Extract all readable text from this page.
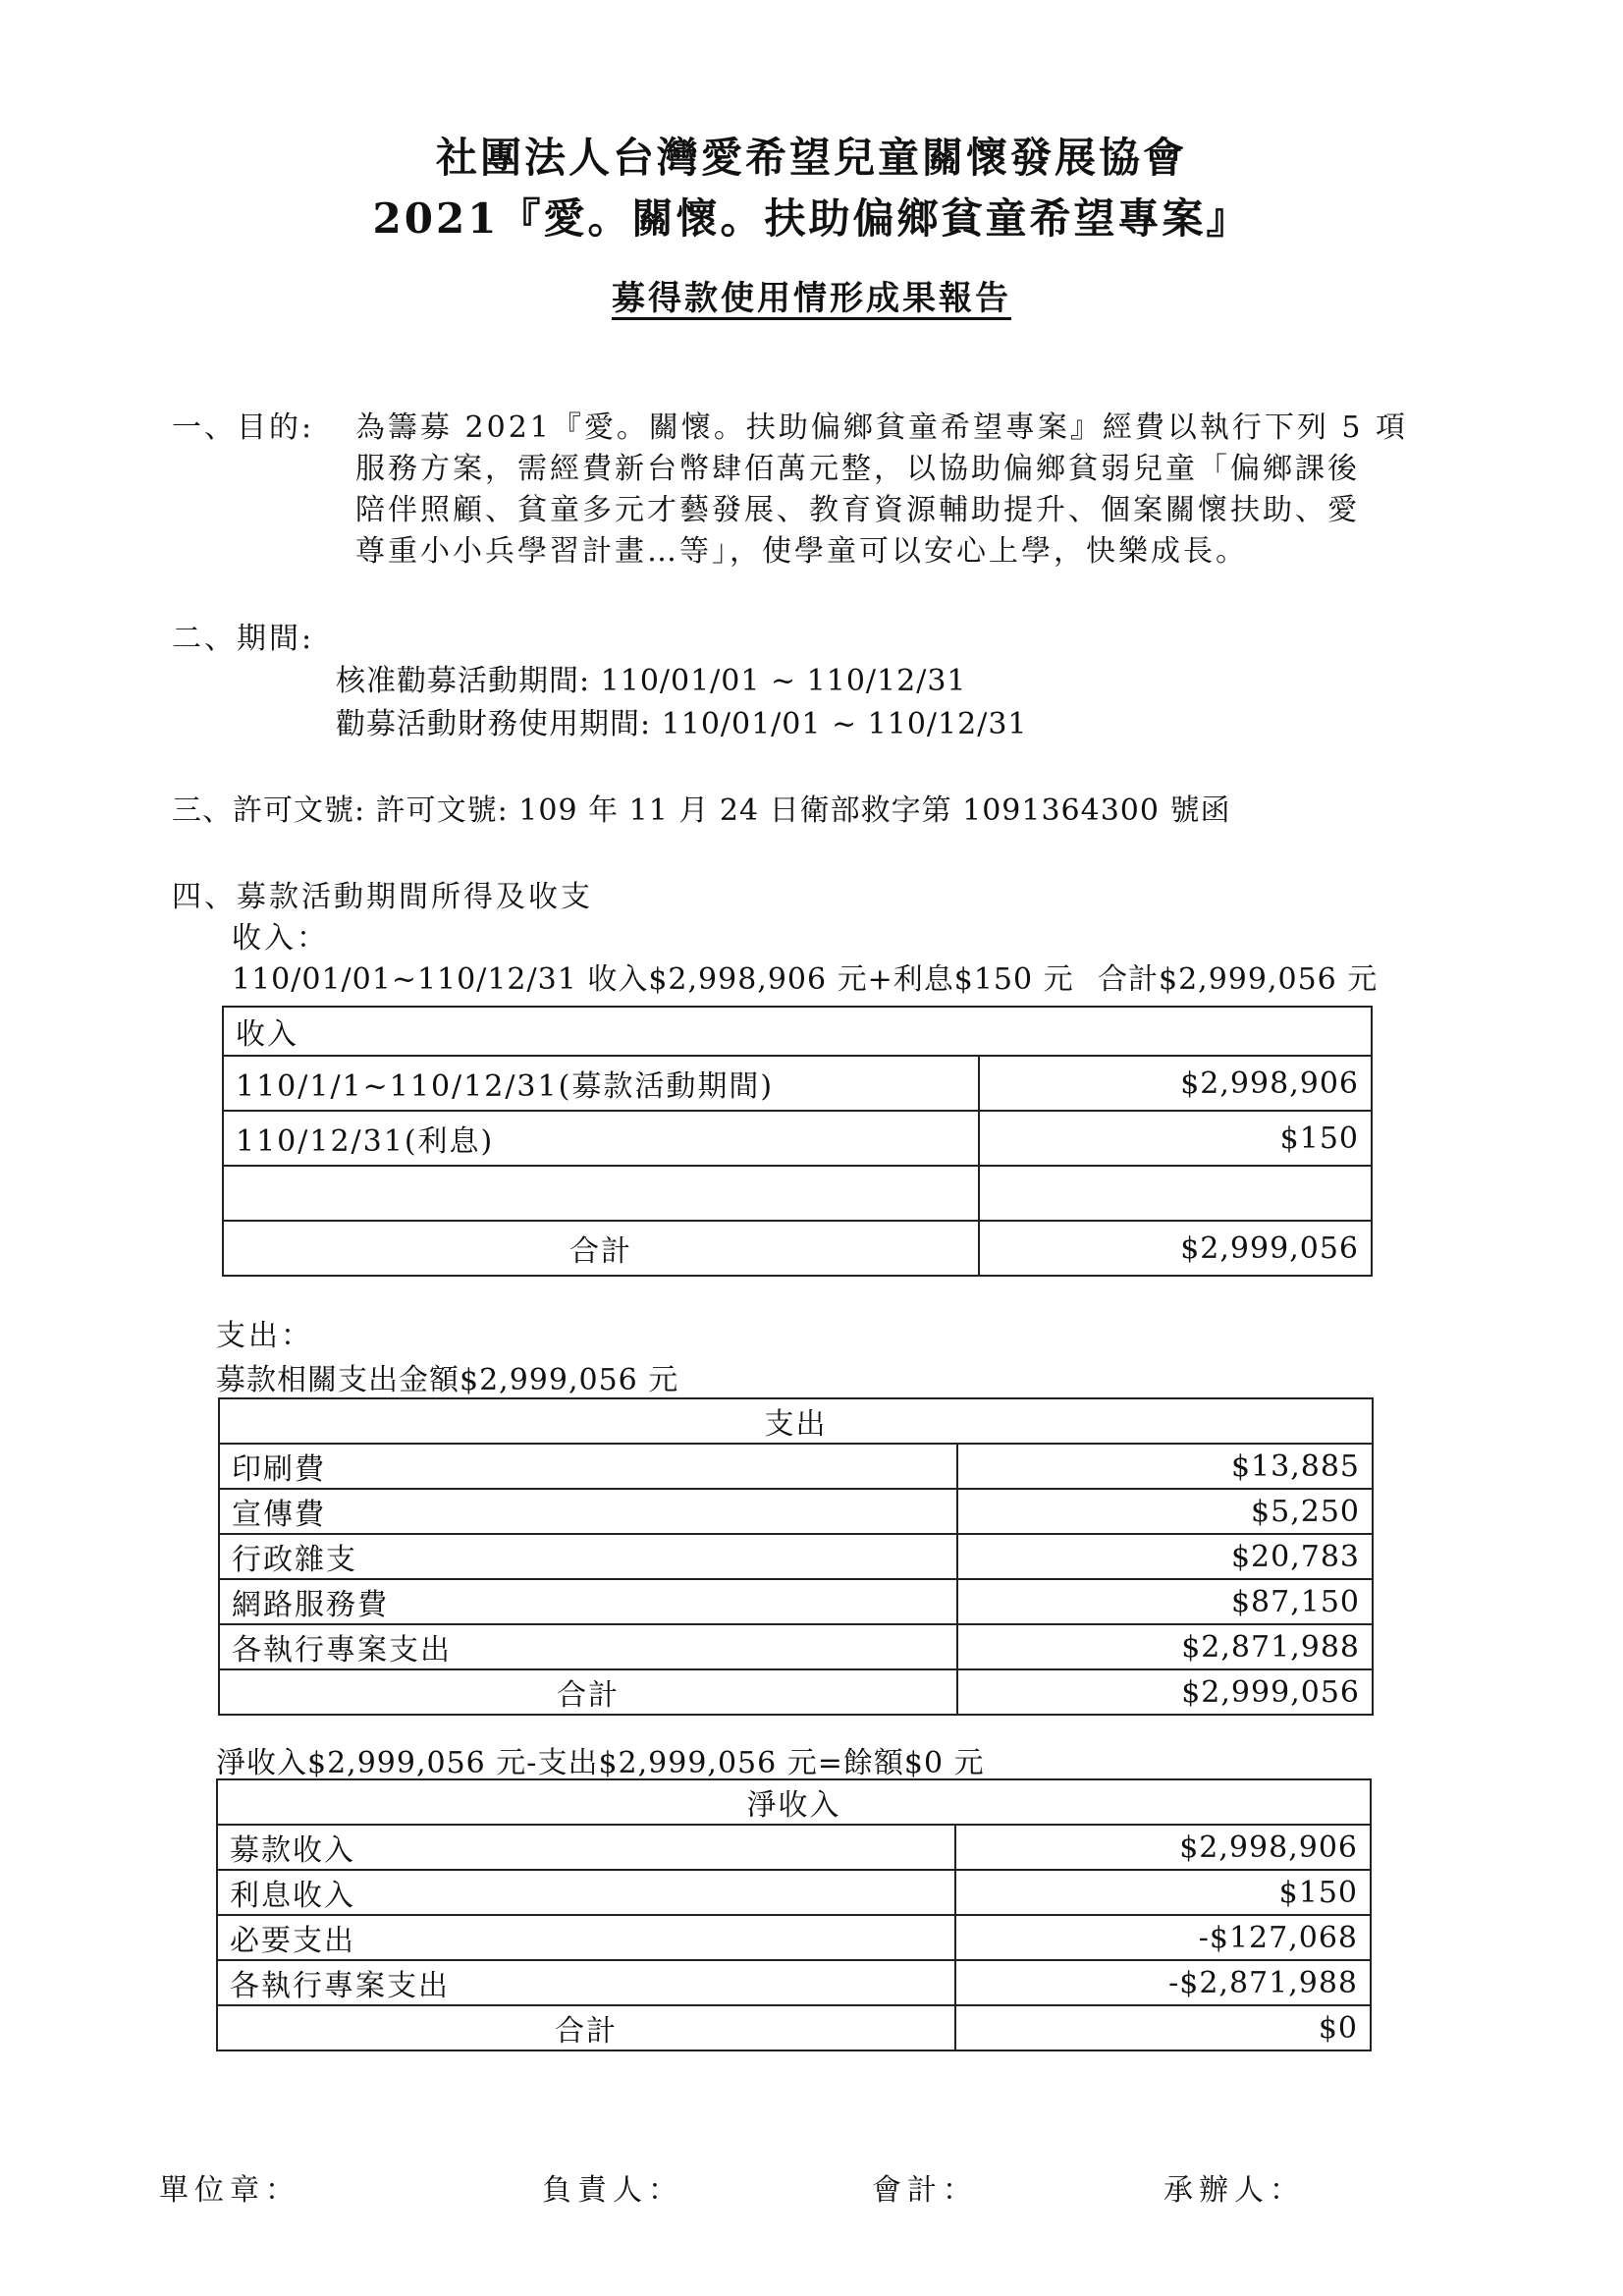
社團法人台灣愛希望兒童關懷發展協會
2021『愛。關懷。扶助偏鄉貧童希望專案』
募得款使用情形成果報告
一、目的: 為籌募 2021『愛。關懷。扶助偏鄉貧童希望專案』經費以執行下列 5 項
服務方案，需經費新台幣肆佰萬元整，以協助偏鄉貧弱兒童「偏鄉課後
陪伴照顧、貧童多元才藝發展、教育資源輔助提升、個案關懷扶助、愛
尊重小小兵學習計畫…等」，使學童可以安心上學，快樂成長。
二、期間:
核准勸募活動期間: 110/01/01 ~ 110/12/31
勸募活動財務使用期間: 110/01/01 ~ 110/12/31
三、許可文號: 許可文號: 109 年 11 月 24 日衛部救字第 1091364300 號函
四、募款活動期間所得及收支
收入：
110/01/01~110/12/31 收入$2,998,906 元+利息$150 元 合計$2,999,056 元
收入	
110/1/1~110/12/31(募款活動期間)	$2,998,906
110/12/31(利息)	$150

合計	$2,999,056
支出：
募款相關支出金額$2,999,056 元
支出	
印刷費	$13,885
宣傳費	$5,250
行政雜支	$20,783
網路服務費	$87,150
各執行專案支出	$2,871,988
合計	$2,999,056
淨收入$2,999,056 元-支出$2,999,056 元=餘額$0 元
淨收入	
募款收入	$2,998,906
利息收入	$150
必要支出	-$127,068
各執行專案支出	-$2,871,988
合計	$0
單位章：	負責人：	會計：	承辦人：
